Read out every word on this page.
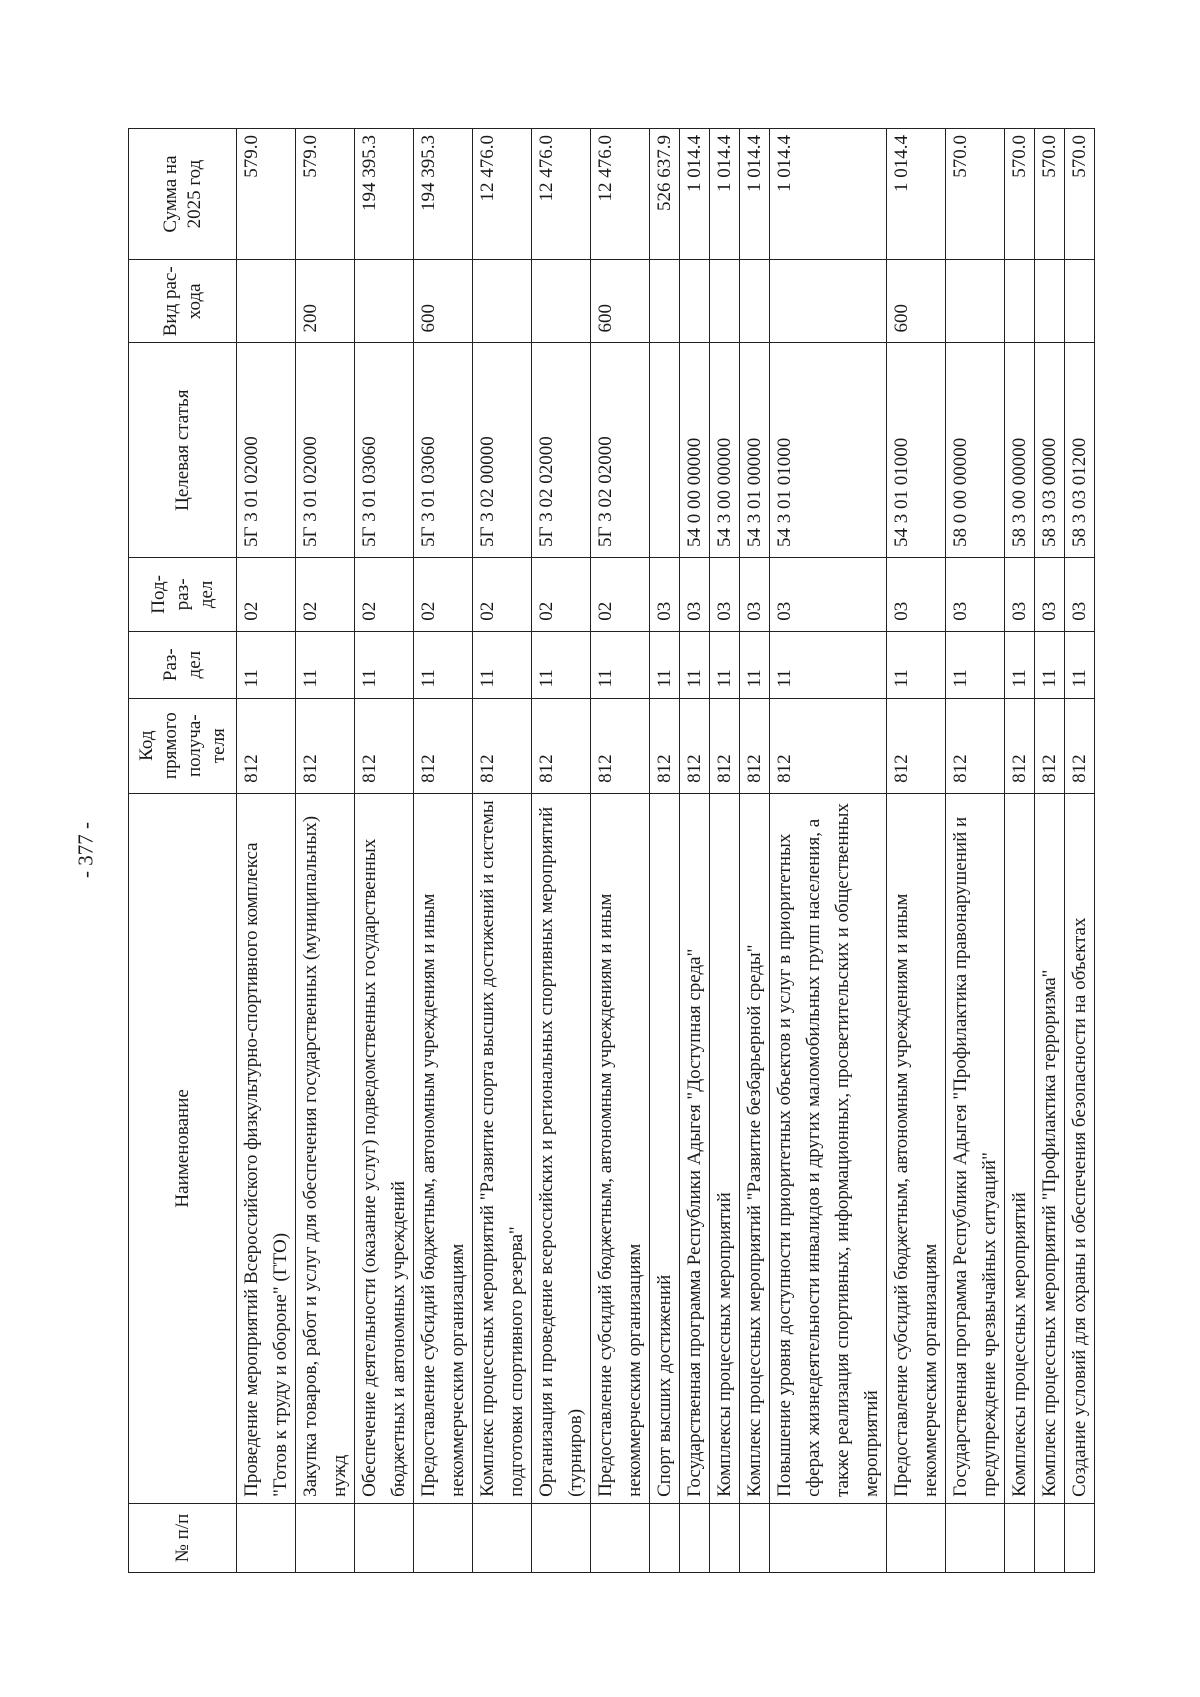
- 377 -
№ п/п	Наименование	Код прямого получа- теля	Раз- дел	Под- раз- дел	Целевая статья	Вид рас- хода	Сумма на 2025 год
	Проведение мероприятий Всероссийского физкультурно-спортивного комплекса "Готов к труду и обороне" (ГТО)	812	11	02	5Г 3 01 02000		579.0
	Закупка товаров, работ и услуг для обеспечения государственных (муниципальных) нужд	812	11	02	5Г 3 01 02000	200	579.0
	Обеспечение деятельности (оказание услуг) подведомственных государственных бюджетных и автономных учреждений	812	11	02	5Г 3 01 03060		194 395.3
	Предоставление субсидий бюджетным, автономным учреждениям и иным некоммерческим организациям	812	11	02	5Г 3 01 03060	600	194 395.3
	Комплекс процессных мероприятий "Развитие спорта высших достижений и системы подготовки спортивного резерва"	812	11	02	5Г 3 02 00000		12 476.0
	Организация и проведение всероссийских и региональных спортивных мероприятий (турниров)	812	11	02	5Г 3 02 02000		12 476.0
	Предоставление субсидий бюджетным, автономным учреждениям и иным некоммерческим организациям	812	11	02	5Г 3 02 02000	600	12 476.0
	Спорт высших достижений	812	11	03			526 637.9
	Государственная программа Республики Адыгея "Доступная среда"	812	11	03	54 0 00 00000		1 014.4
	Комплексы процессных мероприятий	812	11	03	54 3 00 00000		1 014.4
	Комплекс процессных мероприятий "Развитие безбарьерной среды"	812	11	03	54 3 01 00000		1 014.4
	Повышение уровня доступности приоритетных объектов и услуг в приоритетных сферах жизнедеятельности инвалидов и других маломобильных групп населения, а также реализация спортивных, информационных, просветительских и общественных мероприятий	812	11	03	54 3 01 01000		1 014.4
	Предоставление субсидий бюджетным, автономным учреждениям и иным некоммерческим организациям	812	11	03	54 3 01 01000	600	1 014.4
	Государственная программа Республики Адыгея "Профилактика правонарушений и предупреждение чрезвычайных ситуаций"	812	11	03	58 0 00 00000		570.0
	Комплексы процессных мероприятий	812	11	03	58 3 00 00000		570.0
	Комплекс процессных мероприятий "Профилактика терроризма"	812	11	03	58 3 03 00000		570.0
	Создание условий для охраны и обеспечения безопасности на объектах	812	11	03	58 3 03 01200		570.0
